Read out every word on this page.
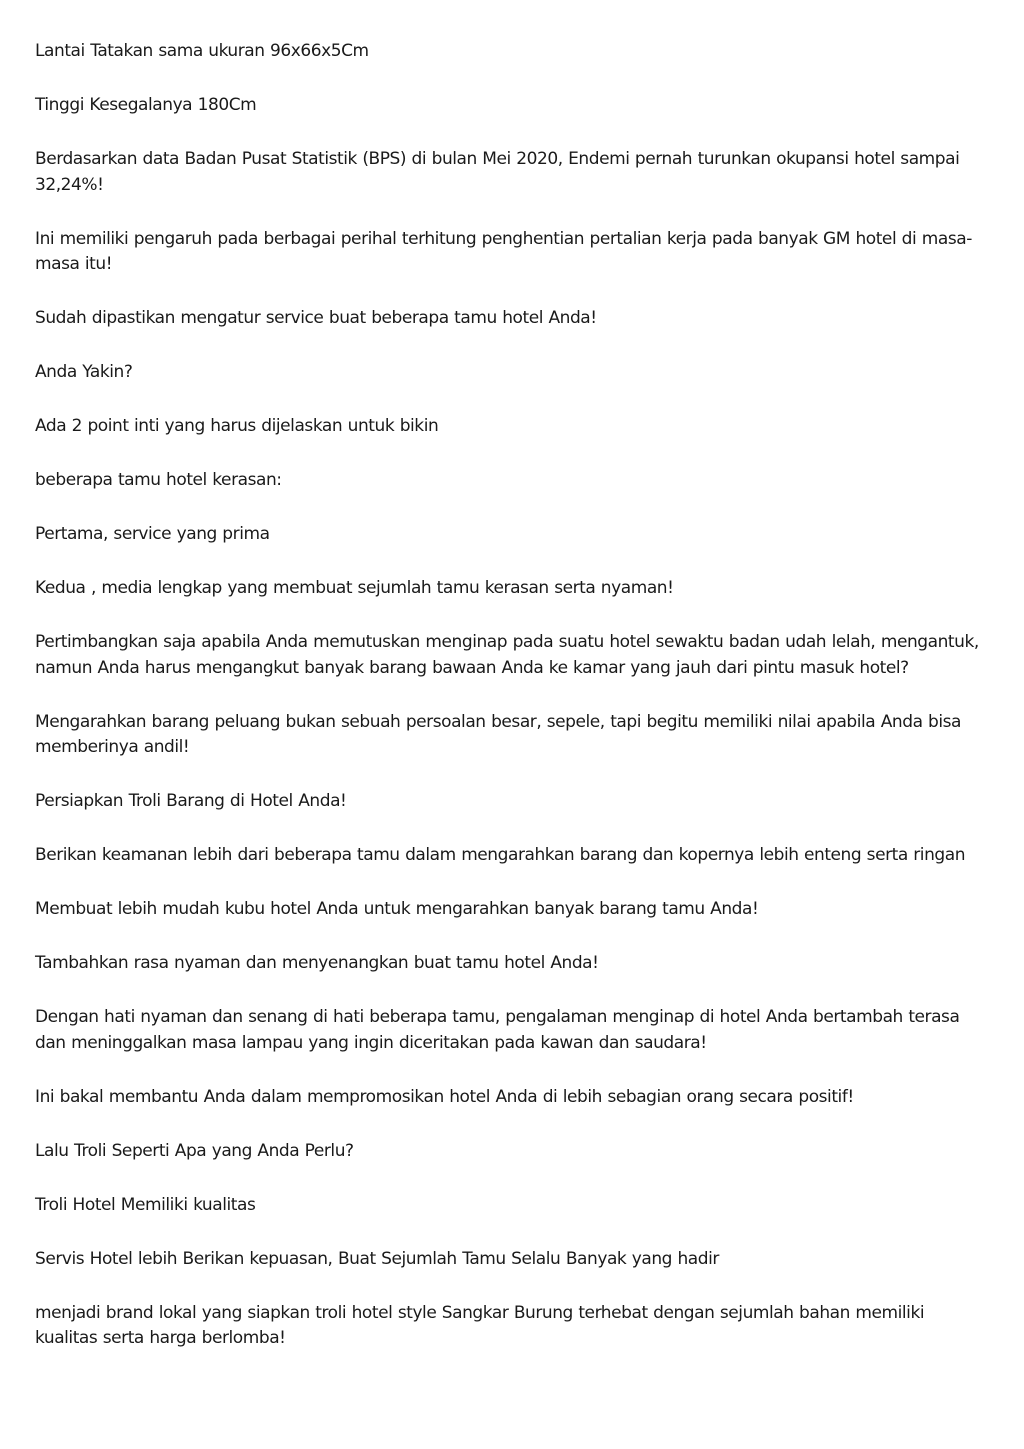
Lantai Tatakan sama ukuran 96x66x5Cm

Tinggi Kesegalanya 180Cm

Berdasarkan data Badan Pusat Statistik (BPS) di bulan Mei 2020, Endemi pernah turunkan okupansi hotel sampai 32,24%!

Ini memiliki pengaruh pada berbagai perihal terhitung penghentian pertalian kerja pada banyak GM hotel di masa-masa itu!

Sudah dipastikan mengatur service buat beberapa tamu hotel Anda!

Anda Yakin?

Ada 2 point inti yang harus dijelaskan untuk bikin

beberapa tamu hotel kerasan:

Pertama, service yang prima

Kedua , media lengkap yang membuat sejumlah tamu kerasan serta nyaman!

Pertimbangkan saja apabila Anda memutuskan menginap pada suatu hotel sewaktu badan udah lelah, mengantuk, namun Anda harus mengangkut banyak barang bawaan Anda ke kamar yang jauh dari pintu masuk hotel?

Mengarahkan barang peluang bukan sebuah persoalan besar, sepele, tapi begitu memiliki nilai apabila Anda bisa memberinya andil!

Persiapkan Troli Barang di Hotel Anda!

Berikan keamanan lebih dari beberapa tamu dalam mengarahkan barang dan kopernya lebih enteng serta ringan

Membuat lebih mudah kubu hotel Anda untuk mengarahkan banyak barang tamu Anda!

Tambahkan rasa nyaman dan menyenangkan buat tamu hotel Anda!

Dengan hati nyaman dan senang di hati beberapa tamu, pengalaman menginap di hotel Anda bertambah terasa dan meninggalkan masa lampau yang ingin diceritakan pada kawan dan saudara!

Ini bakal membantu Anda dalam mempromosikan hotel Anda di lebih sebagian orang secara positif!

Lalu Troli Seperti Apa yang Anda Perlu?

Troli Hotel Memiliki kualitas

Servis Hotel lebih Berikan kepuasan, Buat Sejumlah Tamu Selalu Banyak yang hadir

menjadi brand lokal yang siapkan troli hotel style Sangkar Burung terhebat dengan sejumlah bahan memiliki kualitas serta harga berlomba!
